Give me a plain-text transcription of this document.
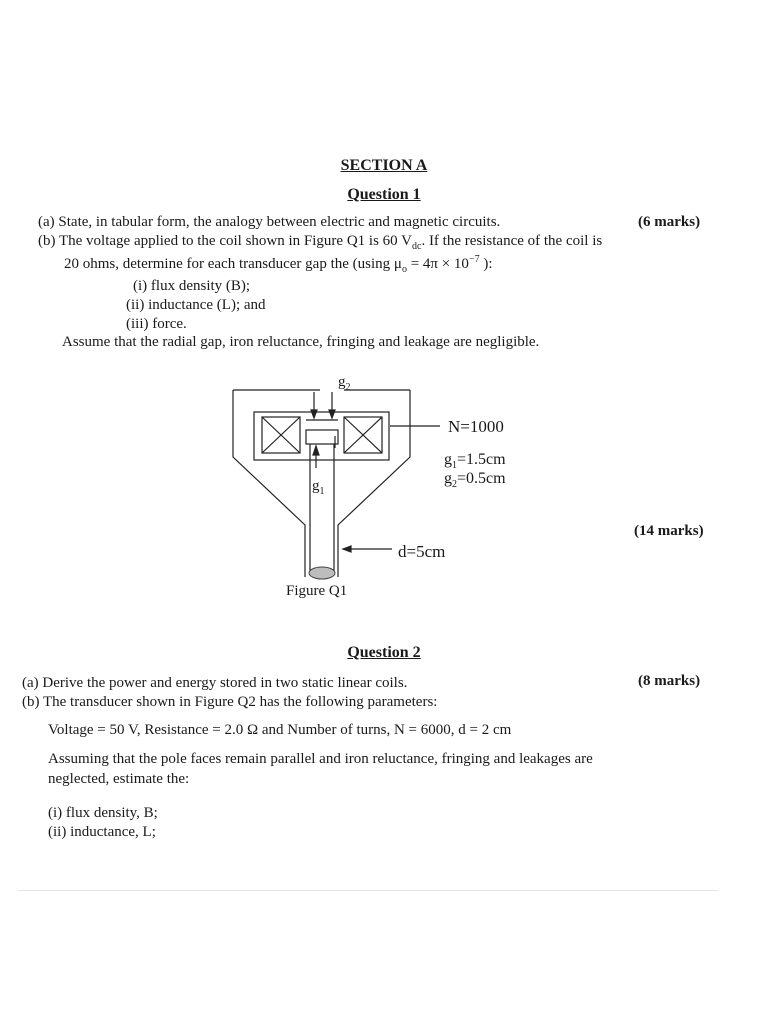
SECTION A
Question 1
(a) State, in tabular form, the analogy between electric and magnetic circuits.	(6 marks)
(b) The voltage applied to the coil shown in Figure Q1 is 60 $V_{dc}$. If the resistance of the coil is
20 ohms, determine for each transducer gap the (using $\mu_o = 4\pi \times 10^{-7}$ ):
(i) flux density (B);
(ii) inductance (L); and
(iii) force.
Assume that the radial gap, iron reluctance, fringing and leakage are negligible.
$g_2$
$g_1$
N=1000
$g_1=1.5cm$
$g_2=0.5cm$
d=5cm
Figure Q1
(14 marks)
Question 2
(a) Derive the power and energy stored in two static linear coils.	(8 marks)
(b) The transducer shown in Figure Q2 has the following parameters:
Voltage = 50 V, Resistance = 2.0 Ω and Number of turns, N = 6000, d = 2 cm
Assuming that the pole faces remain parallel and iron reluctance, fringing and leakages are
neglected, estimate the:
(i) flux density, B;
(ii) inductance, L;
